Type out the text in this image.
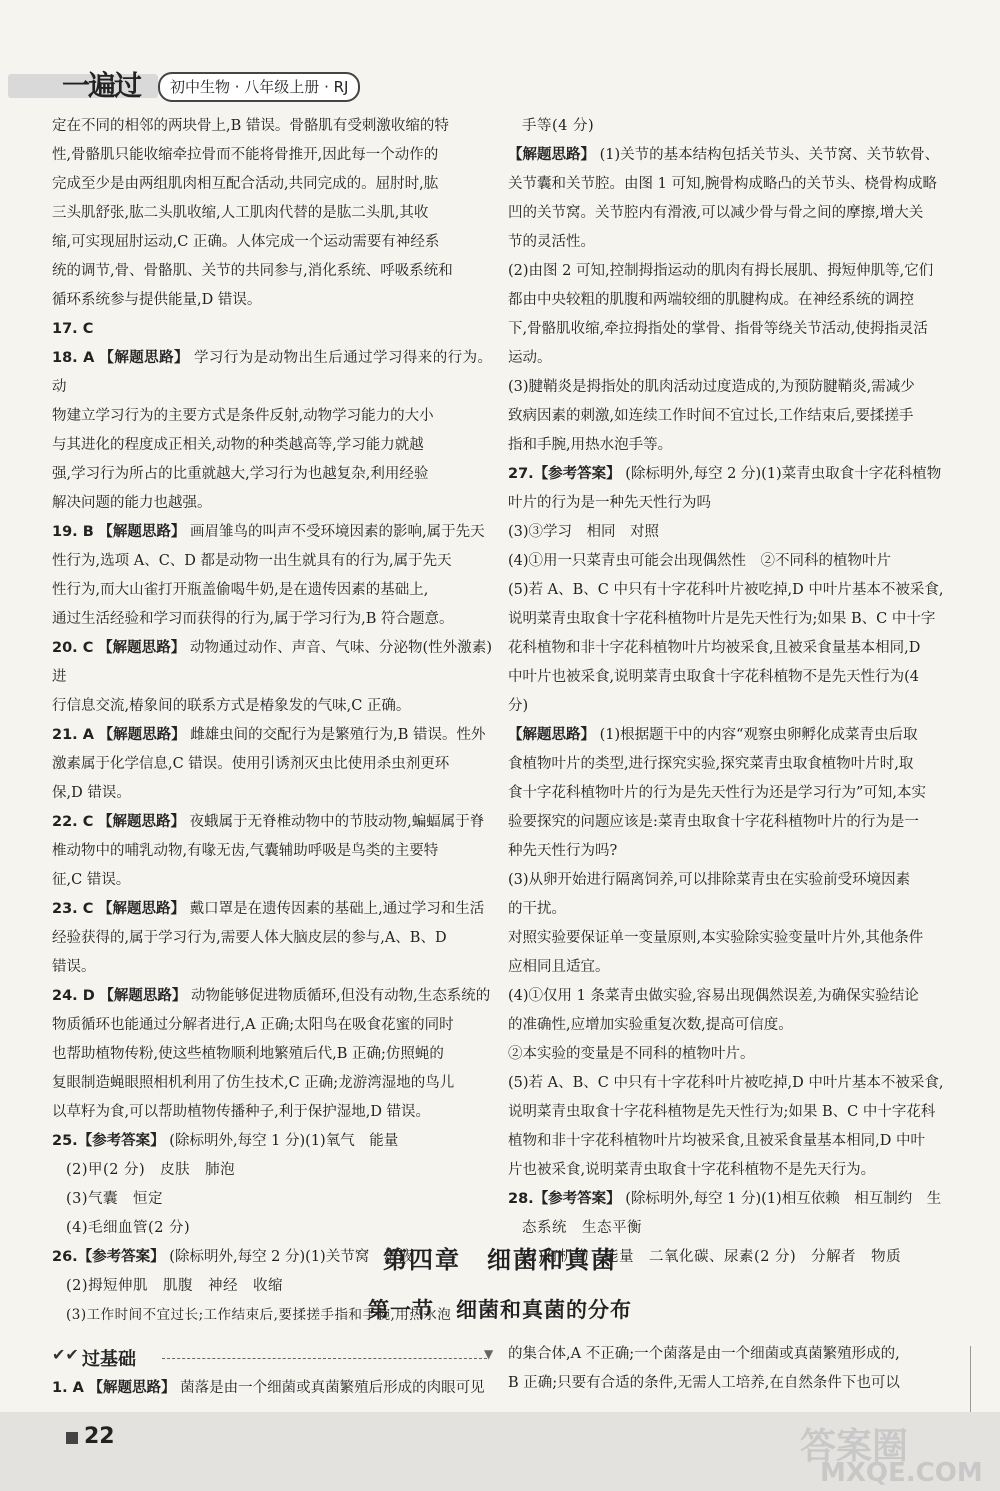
一遍过	初中生物 · 八年级上册 · RJ

定在不同的相邻的两块骨上,B 错误。骨骼肌有受刺激收缩的特

性,骨骼肌只能收缩牵拉骨而不能将骨推开,因此每一个动作的

完成至少是由两组肌肉相互配合活动,共同完成的。屈肘时,肱

三头肌舒张,肱二头肌收缩,人工肌肉代替的是肱二头肌,其收

缩,可实现屈肘运动,C 正确。人体完成一个运动需要有神经系

统的调节,骨、骨骼肌、关节的共同参与,消化系统、呼吸系统和

循环系统参与提供能量,D 错误。

17. C

18. A 【解题思路】 学习行为是动物出生后通过学习得来的行为。动

物建立学习行为的主要方式是条件反射,动物学习能力的大小

与其进化的程度成正相关,动物的种类越高等,学习能力就越

强,学习行为所占的比重就越大,学习行为也越复杂,利用经验

解决问题的能力也越强。

19. B 【解题思路】 画眉雏鸟的叫声不受环境因素的影响,属于先天

性行为,选项 A、C、D 都是动物一出生就具有的行为,属于先天

性行为,而大山雀打开瓶盖偷喝牛奶,是在遗传因素的基础上,

通过生活经验和学习而获得的行为,属于学习行为,B 符合题意。

20. C 【解题思路】 动物通过动作、声音、气味、分泌物(性外激素)进

行信息交流,椿象间的联系方式是椿象发的气味,C 正确。

21. A 【解题思路】 雌雄虫间的交配行为是繁殖行为,B 错误。性外

激素属于化学信息,C 错误。使用引诱剂灭虫比使用杀虫剂更环

保,D 错误。

22. C 【解题思路】 夜蛾属于无脊椎动物中的节肢动物,蝙蝠属于脊

椎动物中的哺乳动物,有喙无齿,气囊辅助呼吸是鸟类的主要特

征,C 错误。

23. C 【解题思路】 戴口罩是在遗传因素的基础上,通过学习和生活

经验获得的,属于学习行为,需要人体大脑皮层的参与,A、B、D

错误。

24. D 【解题思路】 动物能够促进物质循环,但没有动物,生态系统的

物质循环也能通过分解者进行,A 正确;太阳鸟在吸食花蜜的同时

也帮助植物传粉,使这些植物顺利地繁殖后代,B 正确;仿照蝇的

复眼制造蝇眼照相机利用了仿生技术,C 正确;龙游湾湿地的鸟儿

以草籽为食,可以帮助植物传播种子,利于保护湿地,D 错误。

25.【参考答案】 (除标明外,每空 1 分)(1)氧气　能量

(2)甲(2 分)　皮肤　肺泡

(3)气囊　恒定

(4)毛细血管(2 分)

26.【参考答案】 (除标明外,每空 2 分)(1)关节窝　滑液

(2)拇短伸肌　肌腹　神经　收缩

(3)工作时间不宜过长;工作结束后,要揉搓手指和手腕,用热水泡

手等(4 分)

【解题思路】 (1)关节的基本结构包括关节头、关节窝、关节软骨、

关节囊和关节腔。由图 1 可知,腕骨构成略凸的关节头、桡骨构成略

凹的关节窝。关节腔内有滑液,可以减少骨与骨之间的摩擦,增大关

节的灵活性。

(2)由图 2 可知,控制拇指运动的肌肉有拇长展肌、拇短伸肌等,它们

都由中央较粗的肌腹和两端较细的肌腱构成。在神经系统的调控

下,骨骼肌收缩,牵拉拇指处的掌骨、指骨等绕关节活动,使拇指灵活

运动。

(3)腱鞘炎是拇指处的肌肉活动过度造成的,为预防腱鞘炎,需减少

致病因素的刺激,如连续工作时间不宜过长,工作结束后,要揉搓手

指和手腕,用热水泡手等。

27.【参考答案】 (除标明外,每空 2 分)(1)菜青虫取食十字花科植物

叶片的行为是一种先天性行为吗

(3)③学习　相同　对照

(4)①用一只菜青虫可能会出现偶然性　②不同科的植物叶片

(5)若 A、B、C 中只有十字花科叶片被吃掉,D 中叶片基本不被采食,

说明菜青虫取食十字花科植物叶片是先天性行为;如果 B、C 中十字

花科植物和非十字花科植物叶片均被采食,且被采食量基本相同,D

中叶片也被采食,说明菜青虫取食十字花科植物不是先天性行为(4

分)

【解题思路】 (1)根据题干中的内容“观察虫卵孵化成菜青虫后取

食植物叶片的类型,进行探究实验,探究菜青虫取食植物叶片时,取

食十字花科植物叶片的行为是先天性行为还是学习行为”可知,本实

验要探究的问题应该是:菜青虫取食十字花科植物叶片的行为是一

种先天性行为吗?

(3)从卵开始进行隔离饲养,可以排除菜青虫在实验前受环境因素

的干扰。

对照实验要保证单一变量原则,本实验除实验变量叶片外,其他条件

应相同且适宜。

(4)①仅用 1 条菜青虫做实验,容易出现偶然误差,为确保实验结论

的准确性,应增加实验重复次数,提高可信度。

②本实验的变量是不同科的植物叶片。

(5)若 A、B、C 中只有十字花科叶片被吃掉,D 中叶片基本不被采食,

说明菜青虫取食十字花科植物是先天性行为;如果 B、C 中十字花科

植物和非十字花科植物叶片均被采食,且被采食量基本相同,D 中叶

片也被采食,说明菜青虫取食十字花科植物不是先天行为。

28.【参考答案】 (除标明外,每空 1 分)(1)相互依赖　相互制约　生

态系统　生态平衡

(2)有机物　能量　二氧化碳、尿素(2 分)　分解者　物质

第四章　细菌和真菌
第一节　细菌和真菌的分布
✔✔ 过基础	▼

1. A 【解题思路】 菌落是由一个细菌或真菌繁殖后形成的肉眼可见

的集合体,A 不正确;一个菌落是由一个细菌或真菌繁殖形成的,

B 正确;只要有合适的条件,无需人工培养,在自然条件下也可以

22	答案圈
MXQE.COM
